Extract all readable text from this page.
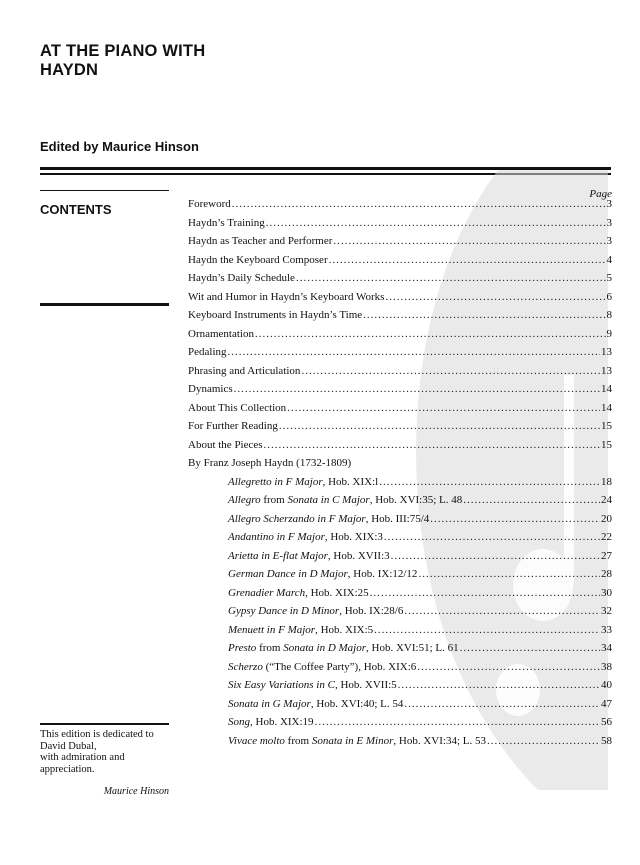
AT THE PIANO WITH
HAYDN
Edited by Maurice Hinson
CONTENTS
Page
Foreword .....	3
Haydn’s Training .....	3
Haydn as Teacher and Performer .....	3
Haydn the Keyboard Composer .....	4
Haydn’s Daily Schedule .....	5
Wit and Humor in Haydn’s Keyboard Works .....	6
Keyboard Instruments in Haydn’s Time .....	8
Ornamentation .....	9
Pedaling .....	13
Phrasing and Articulation .....	13
Dynamics .....	14
About This Collection .....	14
For Further Reading .....	15
About the Pieces .....	15
By Franz Joseph Haydn (1732-1809)
Allegretto in F Major, Hob. XIX:l .....	18
Allegro from Sonata in C Major, Hob. XVI:35; L. 48 .....	24
Allegro Scherzando in F Major, Hob. III:75/4 .....	20
Andantino in F Major, Hob. XIX:3 .....	22
Arietta in E-flat Major, Hob. XVII:3 .....	27
German Dance in D Major, Hob. IX:12/12 .....	28
Grenadier March, Hob. XIX:25 .....	30
Gypsy Dance in D Minor, Hob. IX:28/6 .....	32
Menuett in F Major, Hob. XIX:5 .....	33
Presto from Sonata in D Major, Hob. XVI:51; L. 61 .....	34
Scherzo (“The Coffee Party”), Hob. XIX:6 .....	38
Six Easy Variations in C, Hob. XVII:5 .....	40
Sonata in G Major, Hob. XVI:40; L. 54 .....	47
Song, Hob. XIX:19 .....	56
Vivace molto from Sonata in E Minor, Hob. XVI:34; L. 53 .....	58
This edition is dedicated to
David Dubal,
with admiration and
appreciation.
Maurice Hinson
